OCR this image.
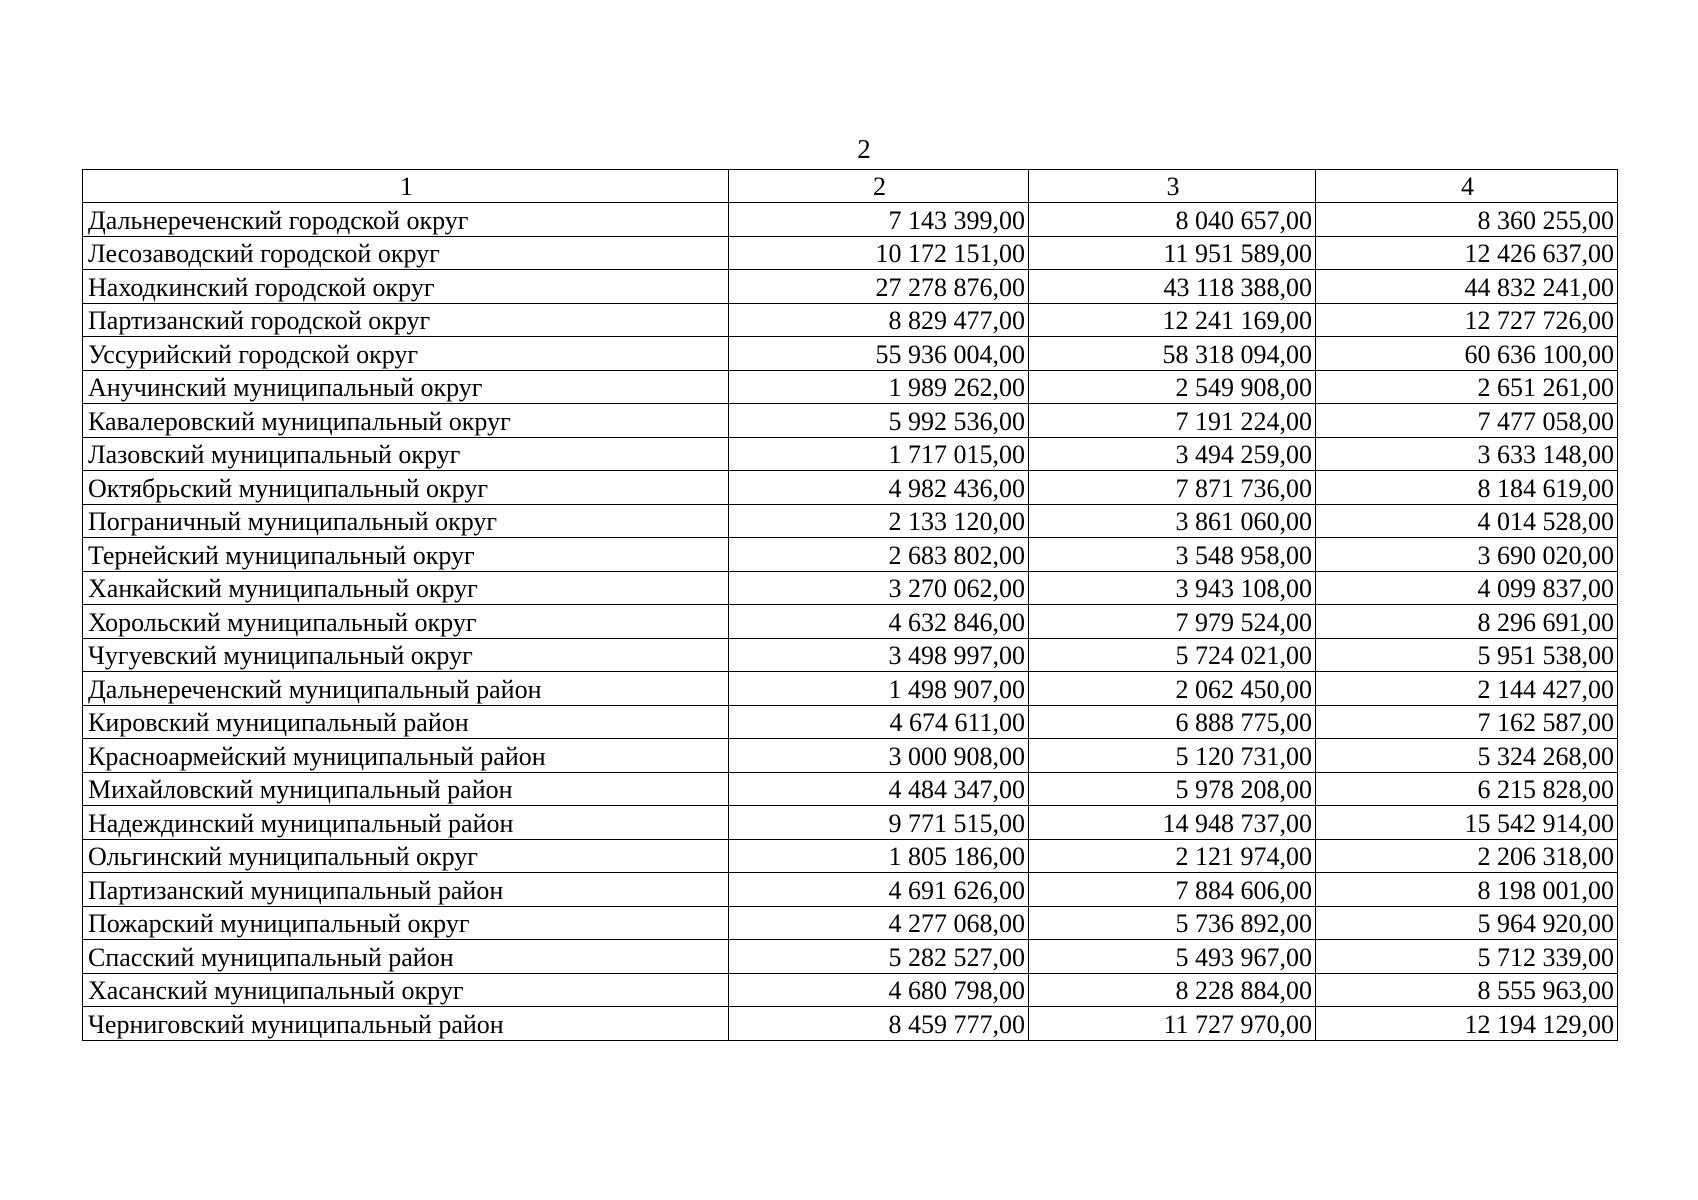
2
1	2	3	4
Дальнереченский городской округ	7 143 399,00	8 040 657,00	8 360 255,00
Лесозаводский городской округ	10 172 151,00	11 951 589,00	12 426 637,00
Находкинский городской округ	27 278 876,00	43 118 388,00	44 832 241,00
Партизанский городской округ	8 829 477,00	12 241 169,00	12 727 726,00
Уссурийский городской округ	55 936 004,00	58 318 094,00	60 636 100,00
Анучинский муниципальный округ	1 989 262,00	2 549 908,00	2 651 261,00
Кавалеровский муниципальный округ	5 992 536,00	7 191 224,00	7 477 058,00
Лазовский муниципальный округ	1 717 015,00	3 494 259,00	3 633 148,00
Октябрьский муниципальный округ	4 982 436,00	7 871 736,00	8 184 619,00
Пограничный муниципальный округ	2 133 120,00	3 861 060,00	4 014 528,00
Тернейский муниципальный округ	2 683 802,00	3 548 958,00	3 690 020,00
Ханкайский муниципальный округ	3 270 062,00	3 943 108,00	4 099 837,00
Хорольский муниципальный округ	4 632 846,00	7 979 524,00	8 296 691,00
Чугуевский муниципальный округ	3 498 997,00	5 724 021,00	5 951 538,00
Дальнереченский муниципальный район	1 498 907,00	2 062 450,00	2 144 427,00
Кировский муниципальный район	4 674 611,00	6 888 775,00	7 162 587,00
Красноармейский муниципальный район	3 000 908,00	5 120 731,00	5 324 268,00
Михайловский муниципальный район	4 484 347,00	5 978 208,00	6 215 828,00
Надеждинский муниципальный район	9 771 515,00	14 948 737,00	15 542 914,00
Ольгинский муниципальный округ	1 805 186,00	2 121 974,00	2 206 318,00
Партизанский муниципальный район	4 691 626,00	7 884 606,00	8 198 001,00
Пожарский муниципальный округ	4 277 068,00	5 736 892,00	5 964 920,00
Спасский муниципальный район	5 282 527,00	5 493 967,00	5 712 339,00
Хасанский муниципальный округ	4 680 798,00	8 228 884,00	8 555 963,00
Черниговский муниципальный район	8 459 777,00	11 727 970,00	12 194 129,00
